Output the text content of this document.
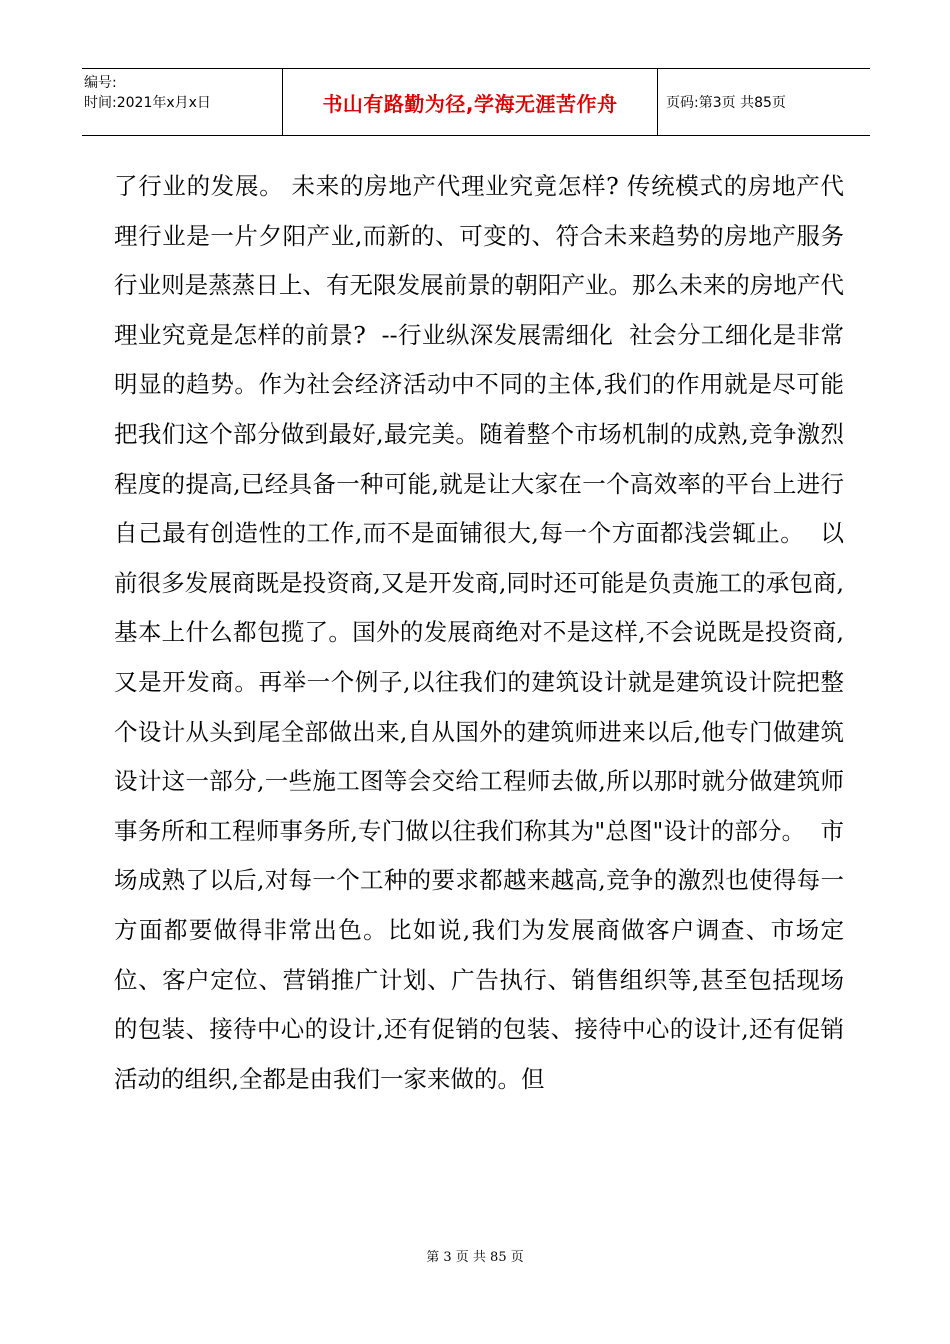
编号:
时间:2021年x月x日	书山有路勤为径,学海无涯苦作舟	页码:第3页 共85页
了行业的发展。 未来的房地产代理业究竟怎样? 传统模式的房地产代理行业是一片夕阳产业,而新的、可变的、符合未来趋势的房地产服务行业则是蒸蒸日上、有无限发展前景的朝阳产业。那么未来的房地产代理业究竟是怎样的前景?  --行业纵深发展需细化  社会分工细化是非常明显的趋势。作为社会经济活动中不同的主体,我们的作用就是尽可能把我们这个部分做到最好,最完美。随着整个市场机制的成熟,竞争激烈程度的提高,已经具备一种可能,就是让大家在一个高效率的平台上进行自己最有创造性的工作,而不是面铺很大,每一个方面都浅尝辄止。  以前很多发展商既是投资商,又是开发商,同时还可能是负责施工的承包商,基本上什么都包揽了。国外的发展商绝对不是这样,不会说既是投资商,又是开发商。再举一个例子,以往我们的建筑设计就是建筑设计院把整个设计从头到尾全部做出来,自从国外的建筑师进来以后,他专门做建筑设计这一部分,一些施工图等会交给工程师去做,所以那时就分做建筑师事务所和工程师事务所,专门做以往我们称其为"总图"设计的部分。  市场成熟了以后,对每一个工种的要求都越来越高,竞争的激烈也使得每一方面都要做得非常出色。比如说,我们为发展商做客户调查、市场定位、客户定位、营销推广计划、广告执行、销售组织等,甚至包括现场的包装、接待中心的设计,还有促销的包装、接待中心的设计,还有促销活动的组织,全都是由我们一家来做的。但
第 3 页 共 85 页
